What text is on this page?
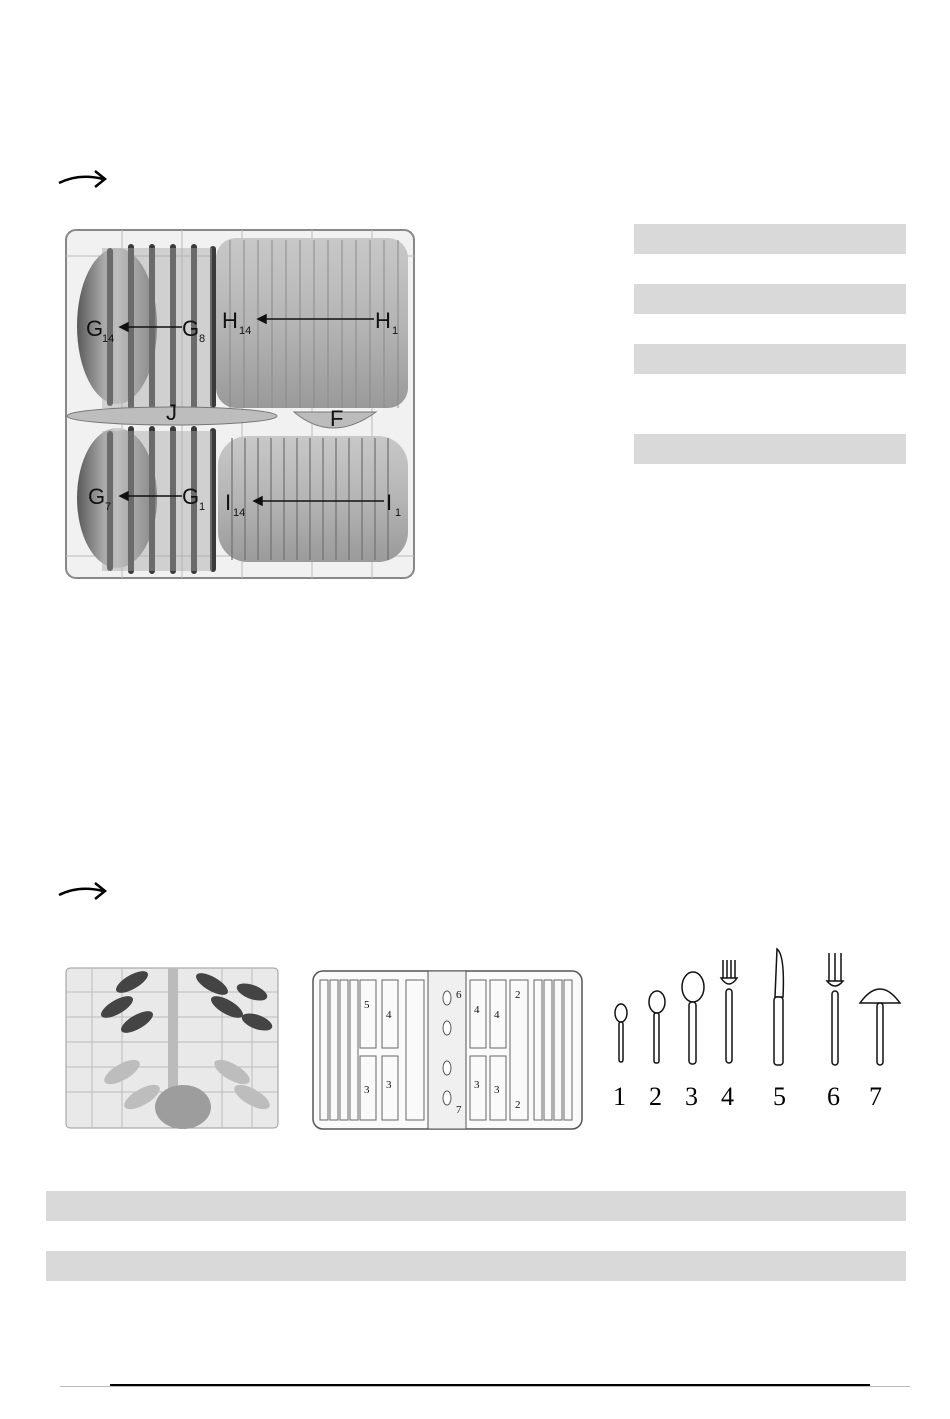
G
14	G 8
H 14	H 1
J	F
G 7	G 1 I 14	I 1
5
3
4
3
4
3
4
3
6
7
2
2	1 2 3 4 5 6 7
